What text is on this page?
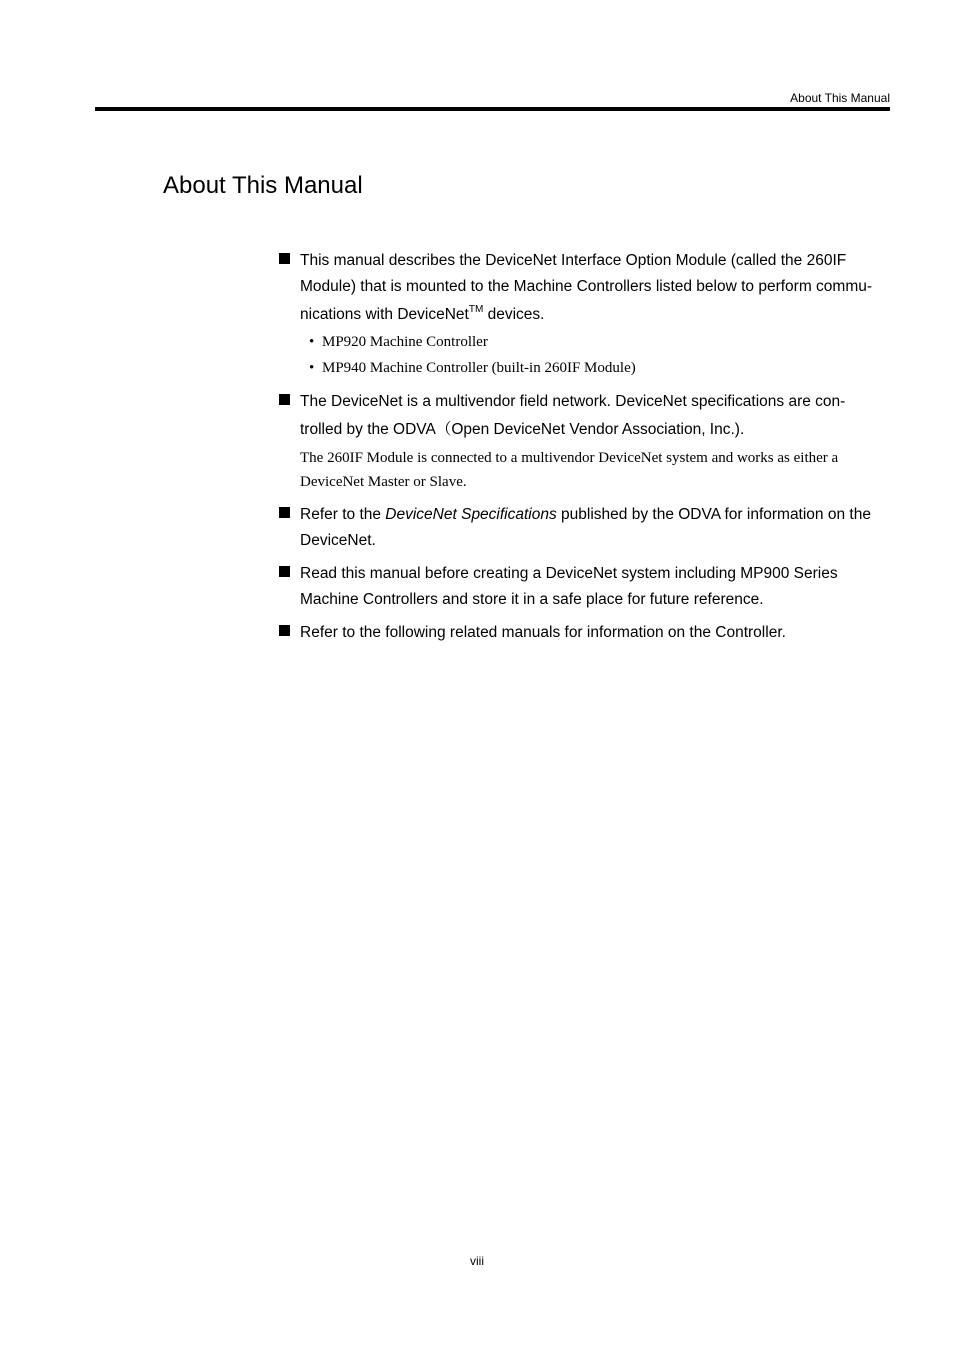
About This Manual
About This Manual
This manual describes the DeviceNet Interface Option Module (called the 260IF
Module) that is mounted to the Machine Controllers listed below to perform commu-
nications with DeviceNet™ devices.
• MP920 Machine Controller
• MP940 Machine Controller (built-in 260IF Module)
The DeviceNet is a multivendor field network. DeviceNet specifications are con-
trolled by the ODVA（Open DeviceNet Vendor Association, Inc.).
The 260IF Module is connected to a multivendor DeviceNet system and works as either a
DeviceNet Master or Slave.
Refer to the DeviceNet Specifications published by the ODVA for information on the
DeviceNet.
Read this manual before creating a DeviceNet system including MP900 Series
Machine Controllers and store it in a safe place for future reference.
Refer to the following related manuals for information on the Controller.
viii
